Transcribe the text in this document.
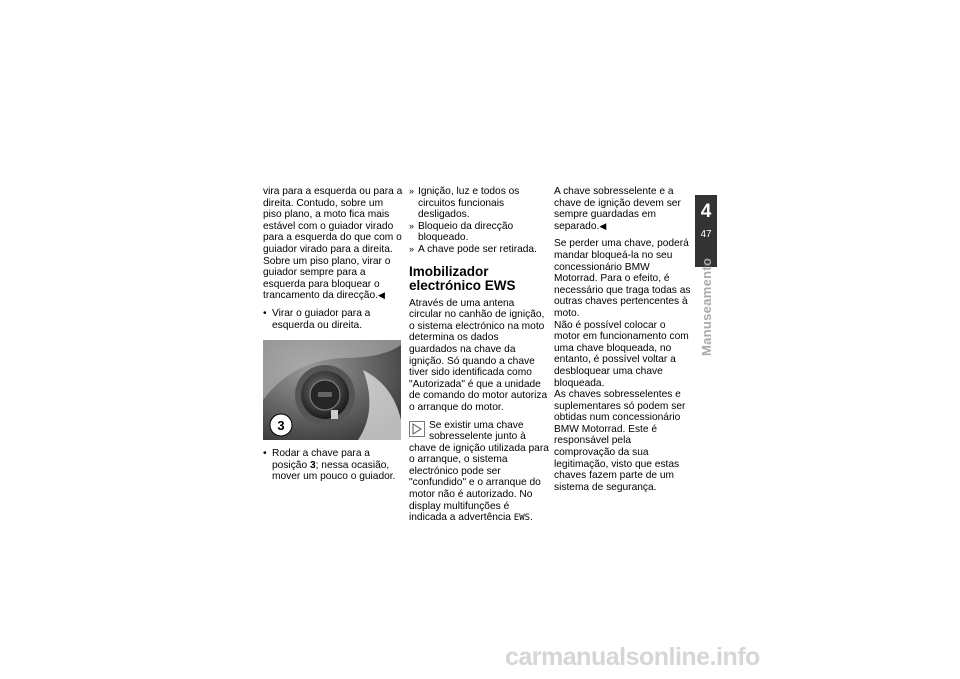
vira para a esquerda ou para a direita. Contudo, sobre um piso plano, a moto fica mais estável com o guiador virado para a esquerda do que com o guiador virado para a direita.

Sobre um piso plano, virar o guiador sempre para a esquerda para bloquear o trancamento da direcção.◀

• Virar o guiador para a esquerda ou direita.

3

• Rodar a chave para a posição 3; nessa ocasião, mover um pouco o guiador.

» Ignição, luz e todos os circuitos funcionais desligados.

» Bloqueio da direcção bloqueado.

» A chave pode ser retirada.

Imobilizador electrónico EWS

Através de uma antena circular no canhão de ignição, o sistema electrónico na moto determina os dados guardados na chave da ignição. Só quando a chave tiver sido identificada como "Autorizada" é que a unidade de comando do motor autoriza o arranque do motor.

Se existir uma chave sobresselente junto à chave de ignição utilizada para o arranque, o sistema electrónico pode ser "confundido" e o arranque do motor não é autorizado. No display multifunções é indicada a advertência EWS.

A chave sobresselente e a chave de ignição devem ser sempre guardadas em separado.◀

Se perder uma chave, poderá mandar bloqueá-la no seu concessionário BMW Motorrad. Para o efeito, é necessário que traga todas as outras chaves pertencentes à moto.

Não é possível colocar o motor em funcionamento com uma chave bloqueada, no entanto, é possível voltar a desbloquear uma chave bloqueada.

As chaves sobresselentes e suplementares só podem ser obtidas num concessionário BMW Motorrad. Este é responsável pela comprovação da sua legitimação, visto que estas chaves fazem parte de um sistema de segurança.

4
47
Manuseamento
carmanualsonline.info
